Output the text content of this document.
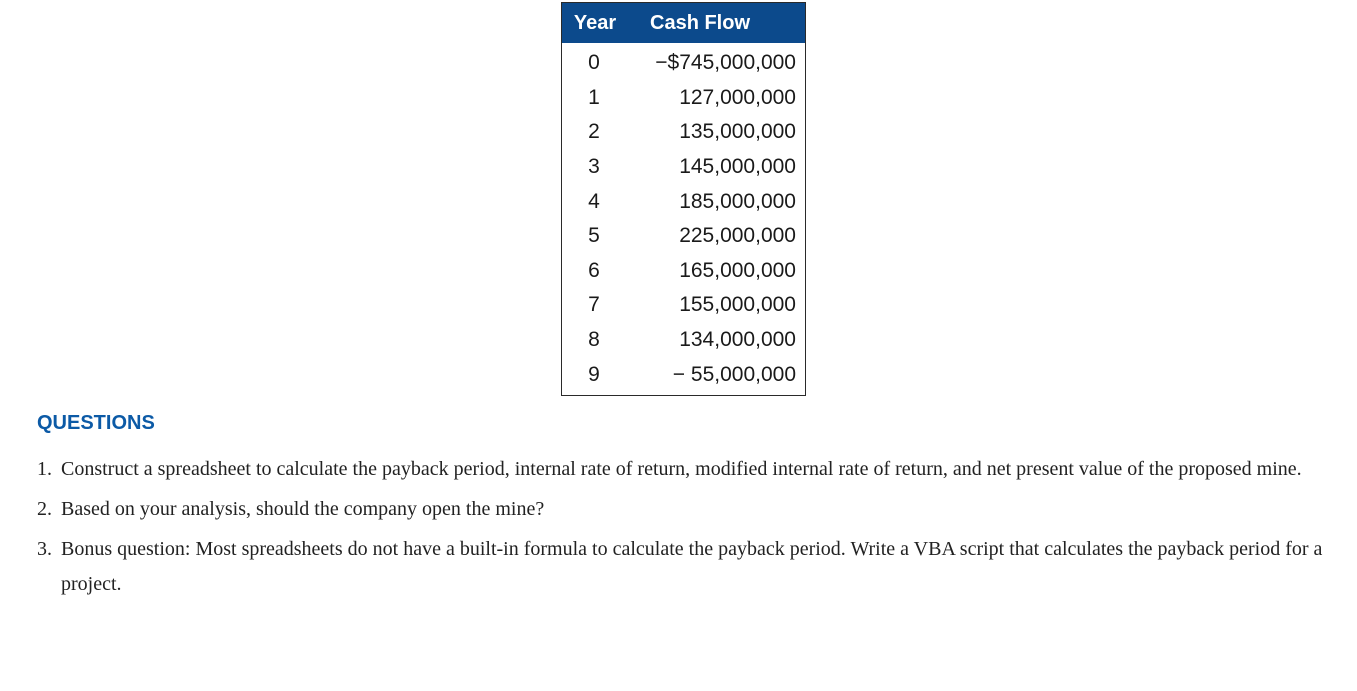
Year	Cash Flow
0	−$745,000,000
1	127,000,000
2	135,000,000
3	145,000,000
4	185,000,000
5	225,000,000
6	165,000,000
7	155,000,000
8	134,000,000
9	− 55,000,000
QUESTIONS
1. Construct a spreadsheet to calculate the payback period, internal rate of return, modified internal rate of return, and net present value of the proposed mine.
2. Based on your analysis, should the company open the mine?
3. Bonus question: Most spreadsheets do not have a built-in formula to calculate the payback period. Write a VBA script that calculates the payback period for a project.
